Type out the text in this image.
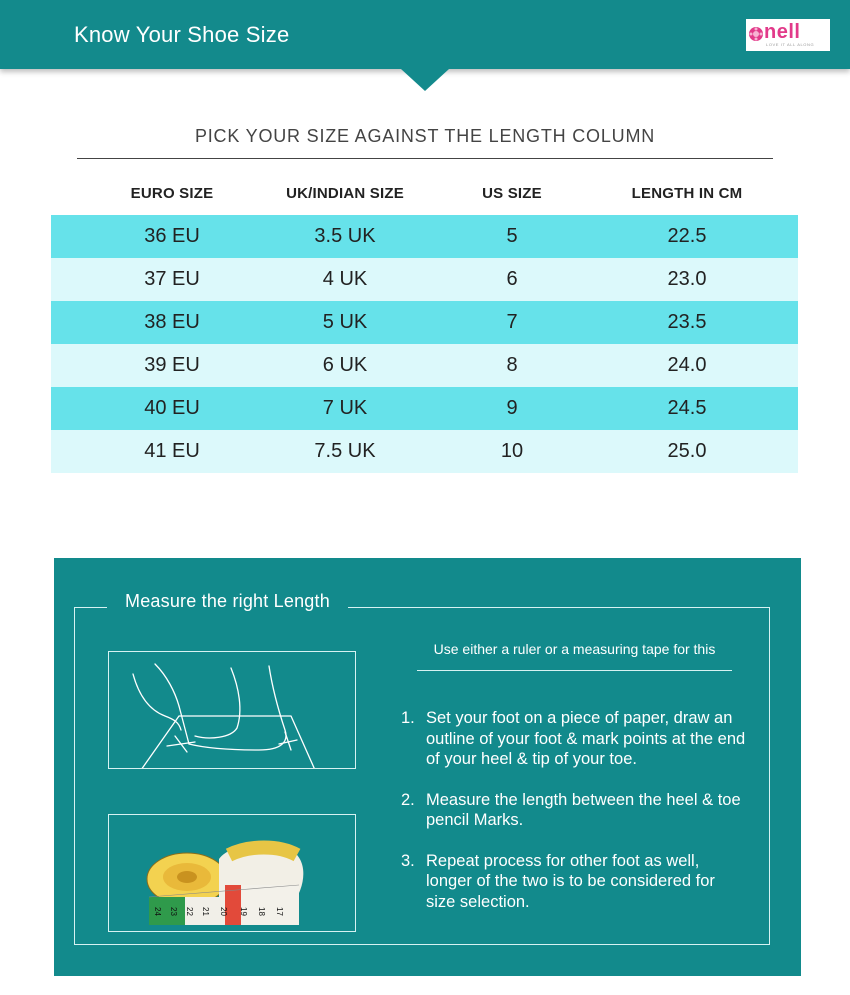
Know Your Shoe Size	nell
LOVE IT ALL ALONG
PICK YOUR SIZE AGAINST THE LENGTH COLUMN
EURO SIZE	UK/INDIAN SIZE	US SIZE	LENGTH IN CM
36 EU	3.5 UK	5	22.5
37 EU	4 UK	6	23.0
38 EU	5 UK	7	23.5
39 EU	6 UK	8	24.0
40 EU	7 UK	9	24.5
41 EU	7.5 UK	10	25.0
Measure the right Length
24 23 22 21 20 19 18 17
Use either a ruler or a measuring tape for this
1. Set your foot on a piece of paper, draw an outline of your foot & mark points at the end of your heel & tip of your toe.
2. Measure the length between the heel & toe pencil Marks.
3. Repeat process for other foot as well, longer of the two is to be considered for size selection.
